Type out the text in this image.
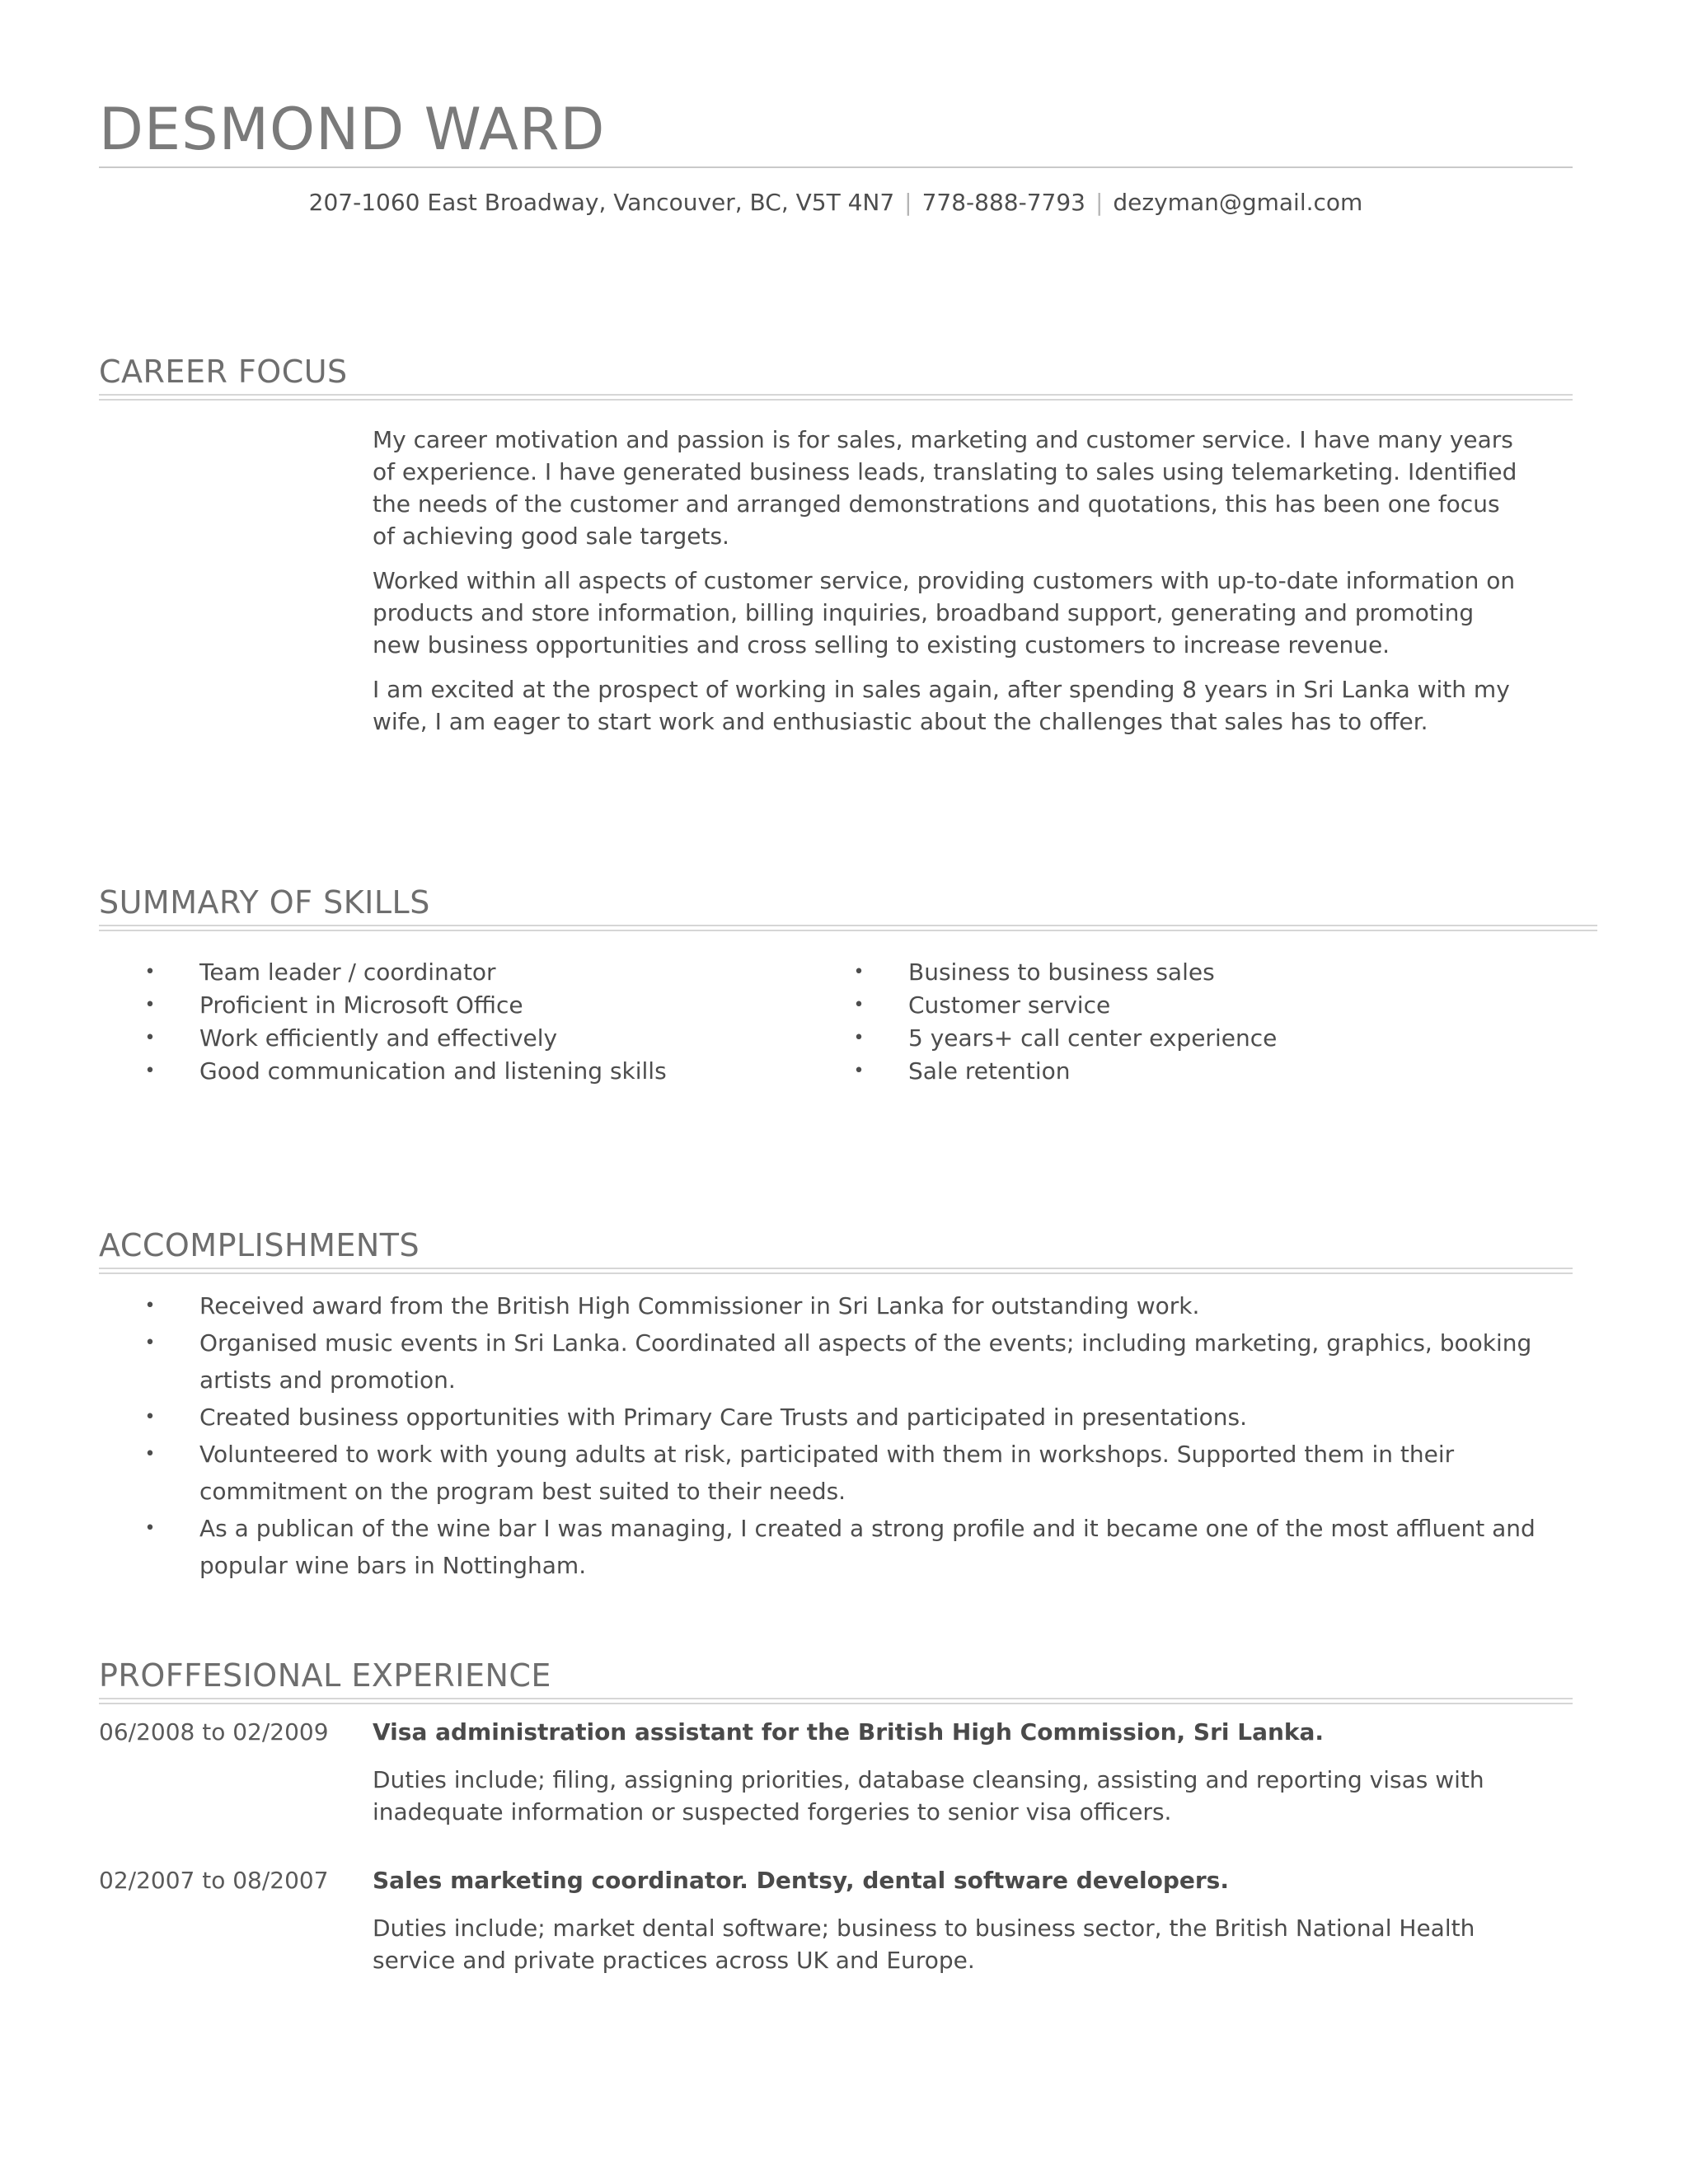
DESMOND WARD
207-1060 East Broadway, Vancouver, BC, V5T 4N7 | 778-888-7793 | dezyman@gmail.com
CAREER FOCUS

My career motivation and passion is for sales, marketing and customer service. I have many years of experience. I have generated business leads, translating to sales using telemarketing. Identified the needs of the customer and arranged demonstrations and quotations, this has been one focus of achieving good sale targets.

Worked within all aspects of customer service, providing customers with up-to-date information on products and store information, billing inquiries, broadband support, generating and promoting new business opportunities and cross selling to existing customers to increase revenue.

I am excited at the prospect of working in sales again, after spending 8 years in Sri Lanka with my wife, I am eager to start work and enthusiastic about the challenges that sales has to offer.

SUMMARY OF SKILLS
• Team leader / coordinator
• Proficient in Microsoft Office
• Work efficiently and effectively
• Good communication and listening skills
• Business to business sales
• Customer service
• 5 years+ call center experience
• Sale retention
ACCOMPLISHMENTS
• Received award from the British High Commissioner in Sri Lanka for outstanding work.
• Organised music events in Sri Lanka. Coordinated all aspects of the events; including marketing, graphics, booking artists and promotion.
• Created business opportunities with Primary Care Trusts and participated in presentations.
• Volunteered to work with young adults at risk, participated with them in workshops. Supported them in their commitment on the program best suited to their needs.
• As a publican of the wine bar I was managing, I created a strong profile and it became one of the most affluent and popular wine bars in Nottingham.
PROFFESIONAL EXPERIENCE
06/2008 to 02/2009 Visa administration assistant for the British High Commission, Sri Lanka.
Duties include; filing, assigning priorities, database cleansing, assisting and reporting visas with inadequate information or suspected forgeries to senior visa officers.
02/2007 to 08/2007 Sales marketing coordinator. Dentsy, dental software developers.
Duties include; market dental software; business to business sector, the British National Health service and private practices across UK and Europe.
